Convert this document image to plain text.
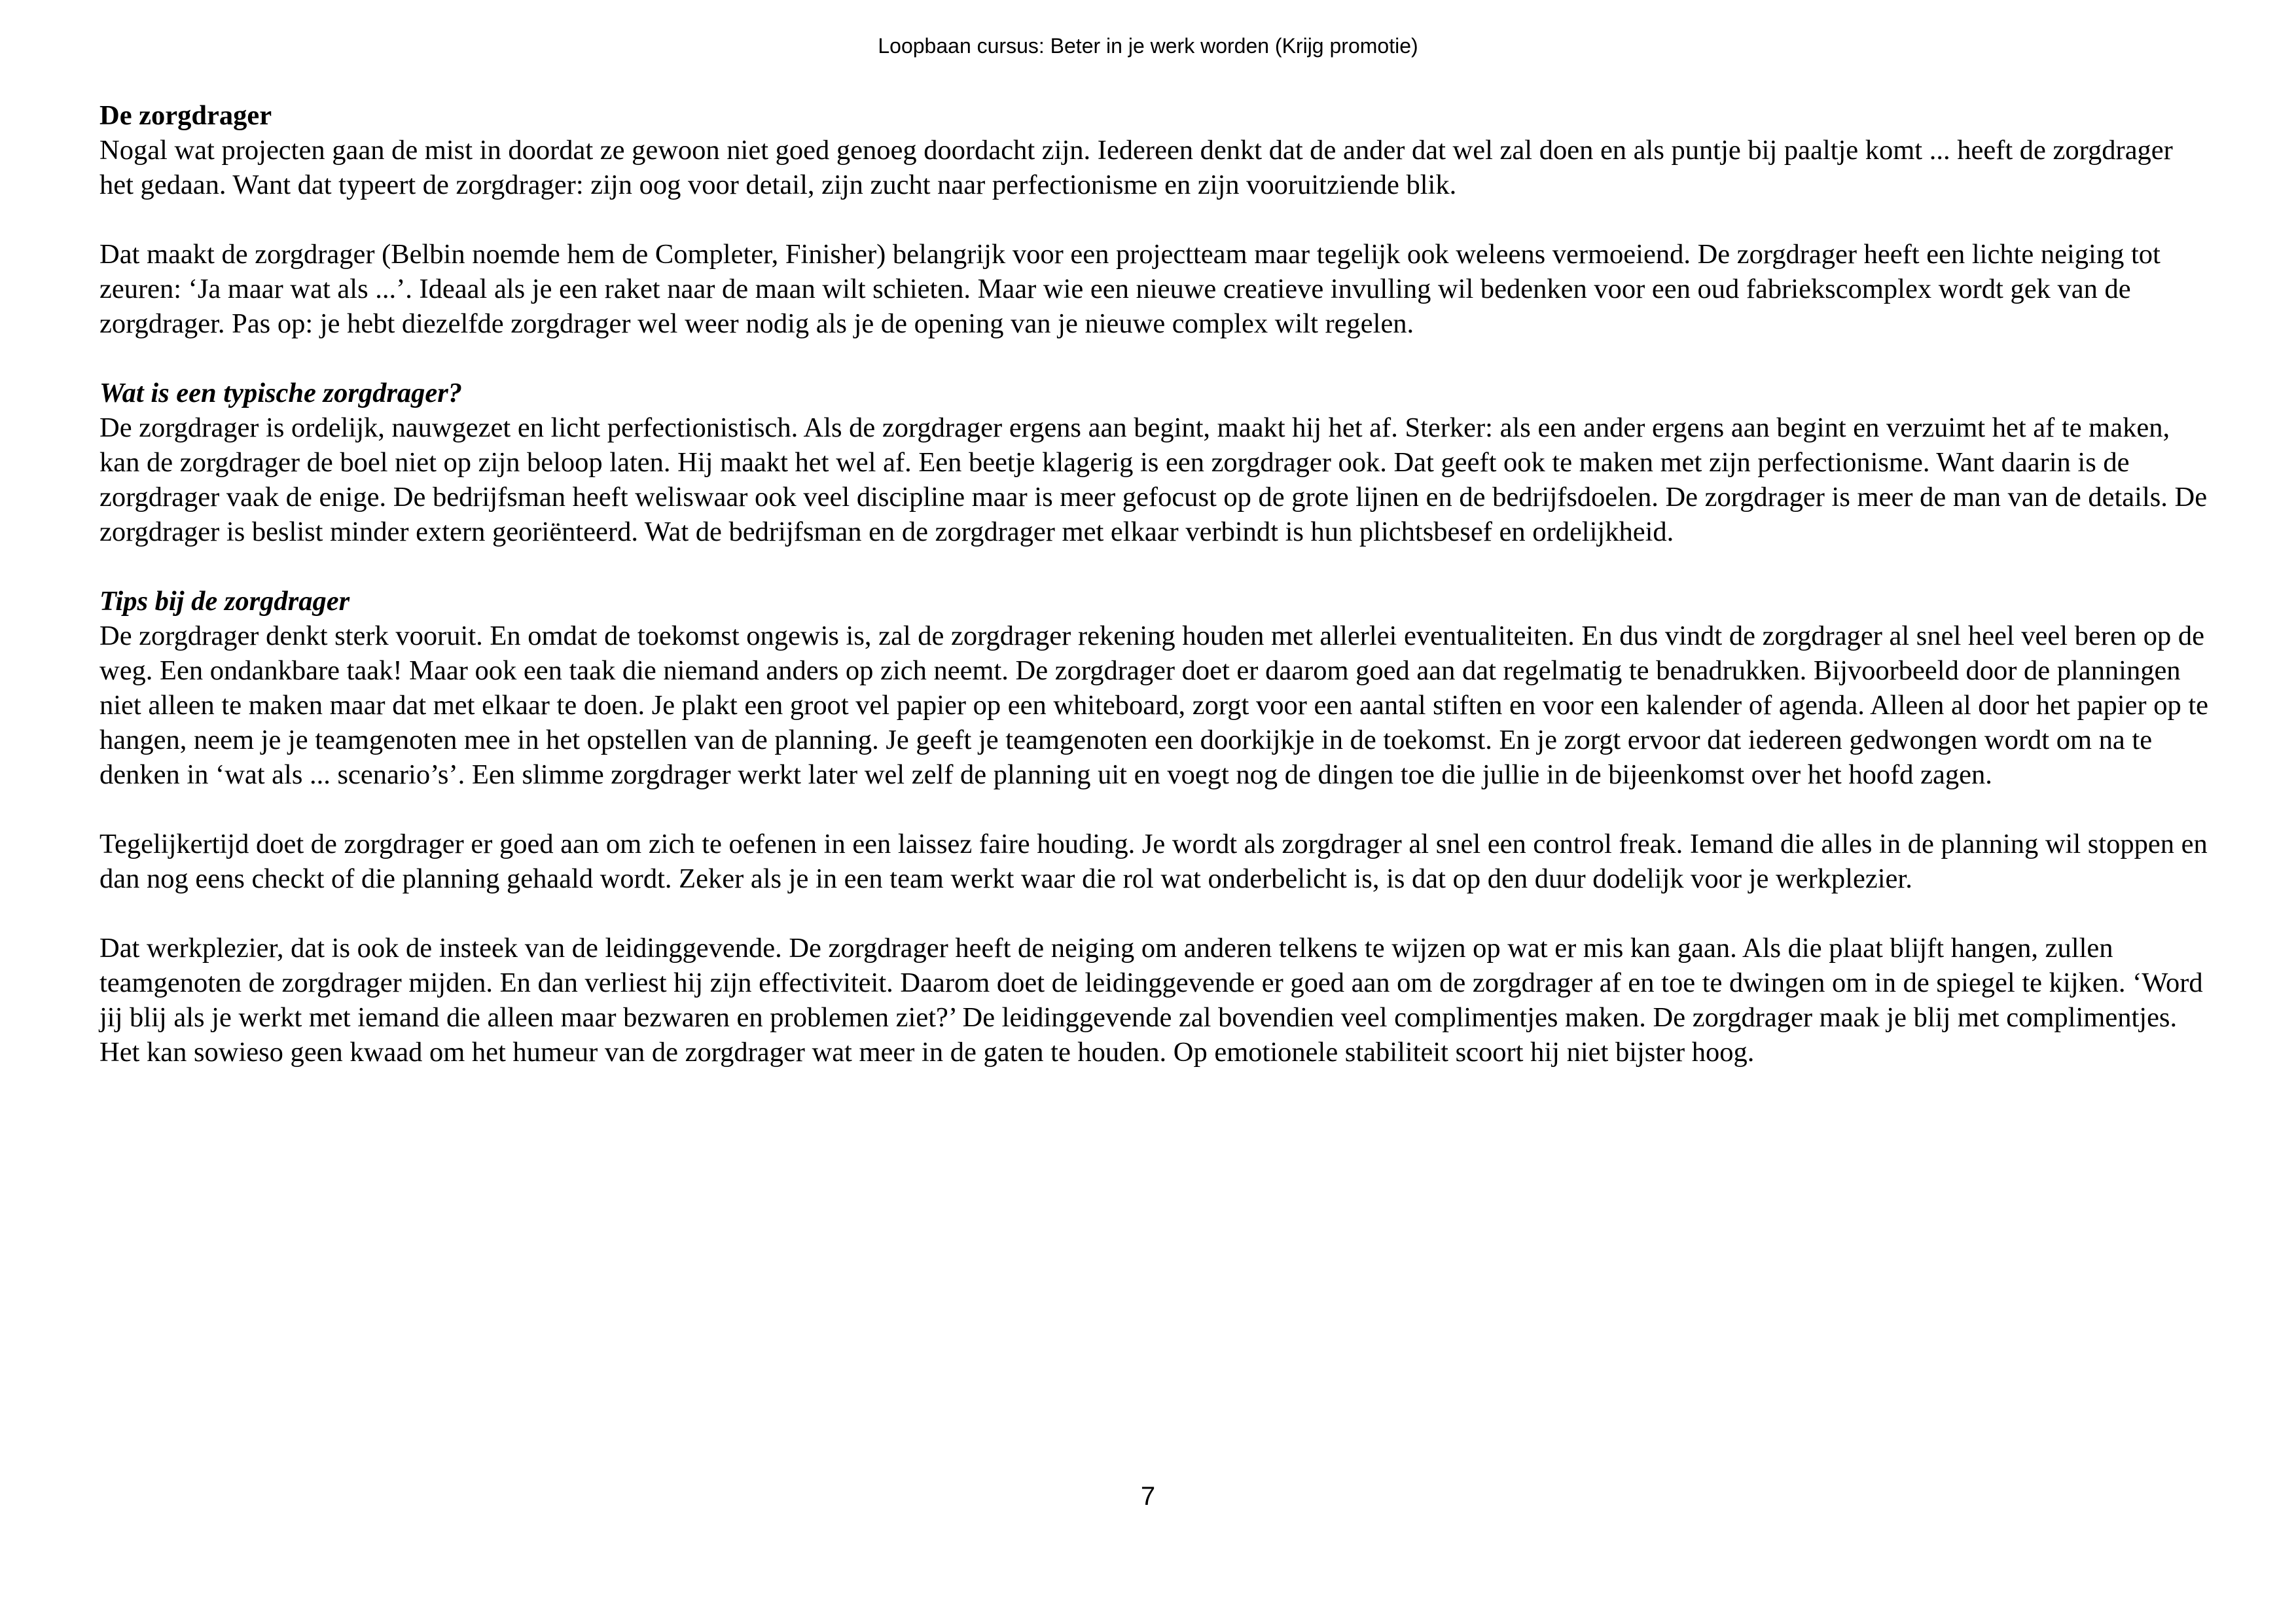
Loopbaan cursus: Beter in je werk worden (Krijg promotie)

De zorgdrager
Nogal wat projecten gaan de mist in doordat ze gewoon niet goed genoeg doordacht zijn. Iedereen denkt dat de ander dat wel zal doen en als puntje bij paaltje komt ... heeft de zorgdrager het gedaan. Want dat typeert de zorgdrager: zijn oog voor detail, zijn zucht naar perfectionisme en zijn vooruitziende blik.

Dat maakt de zorgdrager (Belbin noemde hem de Completer, Finisher) belangrijk voor een projectteam maar tegelijk ook weleens vermoeiend. De zorgdrager heeft een lichte neiging tot zeuren: ‘Ja maar wat als ...’. Ideaal als je een raket naar de maan wilt schieten. Maar wie een nieuwe creatieve invulling wil bedenken voor een oud fabriekscomplex wordt gek van de zorgdrager. Pas op: je hebt diezelfde zorgdrager wel weer nodig als je de opening van je nieuwe complex wilt regelen.

Wat is een typische zorgdrager?
De zorgdrager is ordelijk, nauwgezet en licht perfectionistisch. Als de zorgdrager ergens aan begint, maakt hij het af. Sterker: als een ander ergens aan begint en verzuimt het af te maken, kan de zorgdrager de boel niet op zijn beloop laten. Hij maakt het wel af. Een beetje klagerig is een zorgdrager ook. Dat geeft ook te maken met zijn perfectionisme. Want daarin is de zorgdrager vaak de enige. De bedrijfsman heeft weliswaar ook veel discipline maar is meer gefocust op de grote lijnen en de bedrijfsdoelen. De zorgdrager is meer de man van de details. De zorgdrager is beslist minder extern georiënteerd. Wat de bedrijfsman en de zorgdrager met elkaar verbindt is hun plichtsbesef en ordelijkheid.

Tips bij de zorgdrager
De zorgdrager denkt sterk vooruit. En omdat de toekomst ongewis is, zal de zorgdrager rekening houden met allerlei eventualiteiten. En dus vindt de zorgdrager al snel heel veel beren op de weg. Een ondankbare taak! Maar ook een taak die niemand anders op zich neemt. De zorgdrager doet er daarom goed aan dat regelmatig te benadrukken. Bijvoorbeeld door de planningen niet alleen te maken maar dat met elkaar te doen. Je plakt een groot vel papier op een whiteboard, zorgt voor een aantal stiften en voor een kalender of agenda. Alleen al door het papier op te hangen, neem je je teamgenoten mee in het opstellen van de planning. Je geeft je teamgenoten een doorkijkje in de toekomst. En je zorgt ervoor dat iedereen gedwongen wordt om na te denken in ‘wat als ... scenario’s’. Een slimme zorgdrager werkt later wel zelf de planning uit en voegt nog de dingen toe die jullie in de bijeenkomst over het hoofd zagen.

Tegelijkertijd doet de zorgdrager er goed aan om zich te oefenen in een laissez faire houding. Je wordt als zorgdrager al snel een control freak. Iemand die alles in de planning wil stoppen en dan nog eens checkt of die planning gehaald wordt. Zeker als je in een team werkt waar die rol wat onderbelicht is, is dat op den duur dodelijk voor je werkplezier.

Dat werkplezier, dat is ook de insteek van de leidinggevende. De zorgdrager heeft de neiging om anderen telkens te wijzen op wat er mis kan gaan. Als die plaat blijft hangen, zullen teamgenoten de zorgdrager mijden. En dan verliest hij zijn effectiviteit. Daarom doet de leidinggevende er goed aan om de zorgdrager af en toe te dwingen om in de spiegel te kijken. ‘Word jij blij als je werkt met iemand die alleen maar bezwaren en problemen ziet?’ De leidinggevende zal bovendien veel complimentjes maken. De zorgdrager maak je blij met complimentjes. Het kan sowieso geen kwaad om het humeur van de zorgdrager wat meer in de gaten te houden. Op emotionele stabiliteit scoort hij niet bijster hoog.

7
